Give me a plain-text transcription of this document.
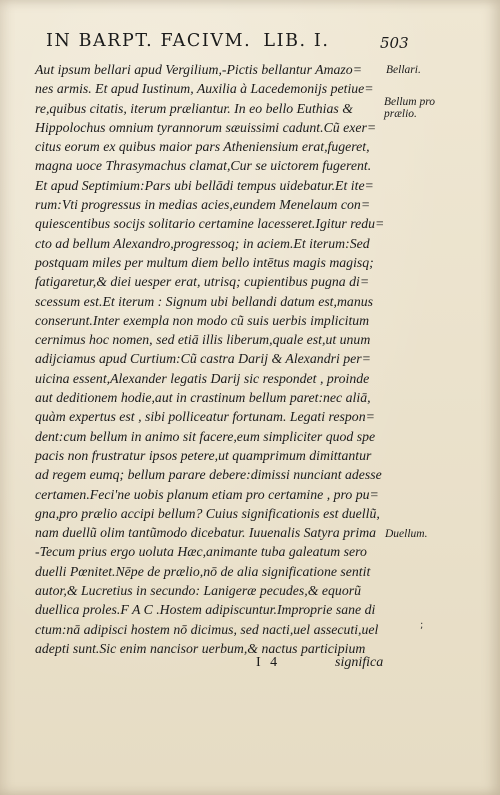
IN BARPT. FACIVM. LIB. I.	503
Aut ipsum bellari apud Vergilium,-Pictis bellantur Amazo=
nes armis. Et apud Iustinum, Auxilia à Lacedemonijs petiue=
re,quibus citatis, iterum præliantur. In eo bello Euthias &
Hippolochus omnium tyrannorum sæuissimi cadunt.Cũ exer=
citus eorum ex quibus maior pars Atheniensium erat,fugeret,
magna uoce Thrasymachus clamat,Cur se uictorem fugerent.
Et apud Septimium:Pars ubi bellādi tempus uidebatur.Et ite=
rum:Vti progressus in medias acies,eundem Menelaum con=
quiescentibus socijs solitario certamine lacesseret.Igitur redu=
cto ad bellum Alexandro,progressoq; in aciem.Et iterum:Sed
postquam miles per multum diem bello intētus magis magisq;
fatigaretur,& diei uesper erat, utrisq; cupientibus pugna di=
scessum est.Et iterum : Signum ubi bellandi datum est,manus
conserunt.Inter exempla non modo cũ suis uerbis implicitum
cernimus hoc nomen, sed etiā illis liberum,quale est,ut unum
adijciamus apud Curtium:Cũ castra Darij & Alexandri per=
uicina essent,Alexander legatis Darij sic respondet , proinde
aut deditionem hodie,aut in crastinum bellum paret:nec aliā,
quàm expertus est , sibi polliceatur fortunam. Legati respon=
dent:cum bellum in animo sit facere,eum simpliciter quod spe
pacis non frustratur ipsos petere,ut quamprimum dimittantur
ad regem eumq; bellum parare debere:dimissi nunciant adesse
certamen.Feci'ne uobis planum etiam pro certamine , pro pu=
gna,pro prælio accipi bellum? Cuius significationis est duellũ,
nam duellũ olim tantũmodo dicebatur. Iuuenalis Satyra prima
-Tecum prius ergo uoluta Hæc,animante tuba galeatum sero
duelli Pœnitet.Nēpe de prælio,nō de alia significatione sentit
autor,& Lucretius in secundo: Lanigeræ pecudes,& equorũ
duellica proles.F A C .Hostem adipiscuntur.Improprie sane di
ctum:nā adipisci hostem nō dicimus, sed nacti,uel assecuti,uel
adepti sunt.Sic enim nancisor uerbum,& nactus participium
I 4	significa
Bellari.
Bellum pro prælio.
Duellum.
;
